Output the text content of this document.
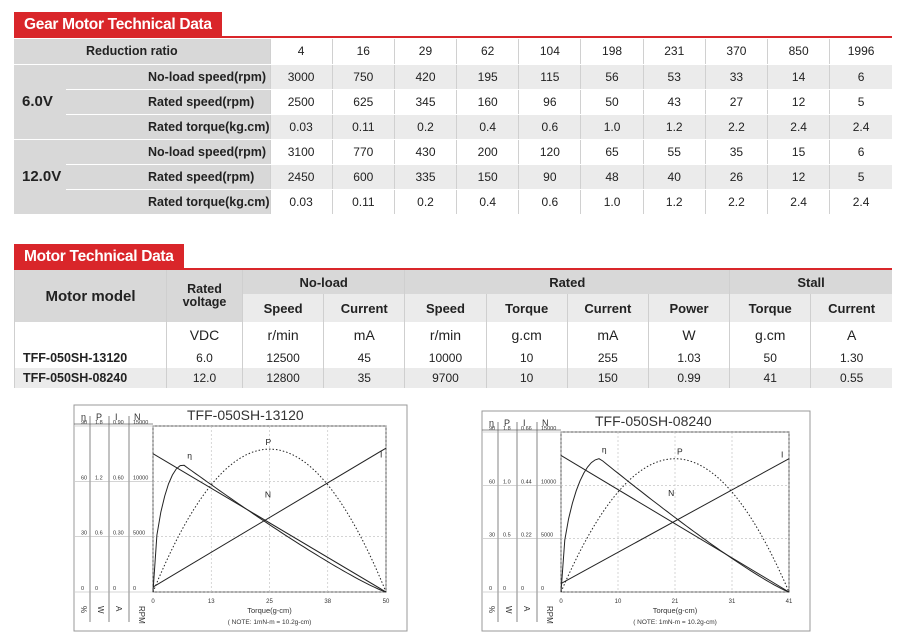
Gear Motor Technical Data
Reduction ratio		4	16	29	62	104	198	231	370	850	1996
6.0V	No-load speed(rpm)	3000	750	420	195	115	56	53	33	14	6
	Rated speed(rpm)	2500	625	345	160	96	50	43	27	12	5
	Rated torque(kg.cm)	0.03	0.11	0.2	0.4	0.6	1.0	1.2	2.2	2.4	2.4
12.0V	No-load speed(rpm)	3100	770	430	200	120	65	55	35	15	6
	Rated speed(rpm)	2450	600	335	150	90	48	40	26	12	5
	Rated torque(kg.cm)	0.03	0.11	0.2	0.4	0.6	1.0	1.2	2.2	2.4	2.4
Motor Technical Data
Motor model	Rated voltage	No-load		Rated				Stall	
		Speed	Current	Speed	Torque	Current	Power	Torque	Current
	VDC	r/min	mA	r/min	g.cm	mA	W	g.cm	A
TFF-050SH-13120	6.0	12500	45	10000	10	255	1.03	50	1.30
TFF-050SH-08240	12.0	12800	35	9700	10	150	0.99	41	0.55
η P I N
90 1.8 0.90 15000
60 1.2 0.60 10000
30 0.6 0.30 5000
0 0	0	0
% W A RPM
0	13	25	38	50
Torque(g-cm)
( NOTE: 1mN-m = 10.2g-cm)
TFF-050SH-13120
η
P
N
I
η P I N
90 1.8 0.66 15000
60 1.0 0.44 10000
30 0.5 0.22 5000
0 0	0	0
% W A RPM
0	10	21	31	41
Torque(g-cm)
( NOTE: 1mN-m = 10.2g-cm)
TFF-050SH-08240
η	P
N
I
